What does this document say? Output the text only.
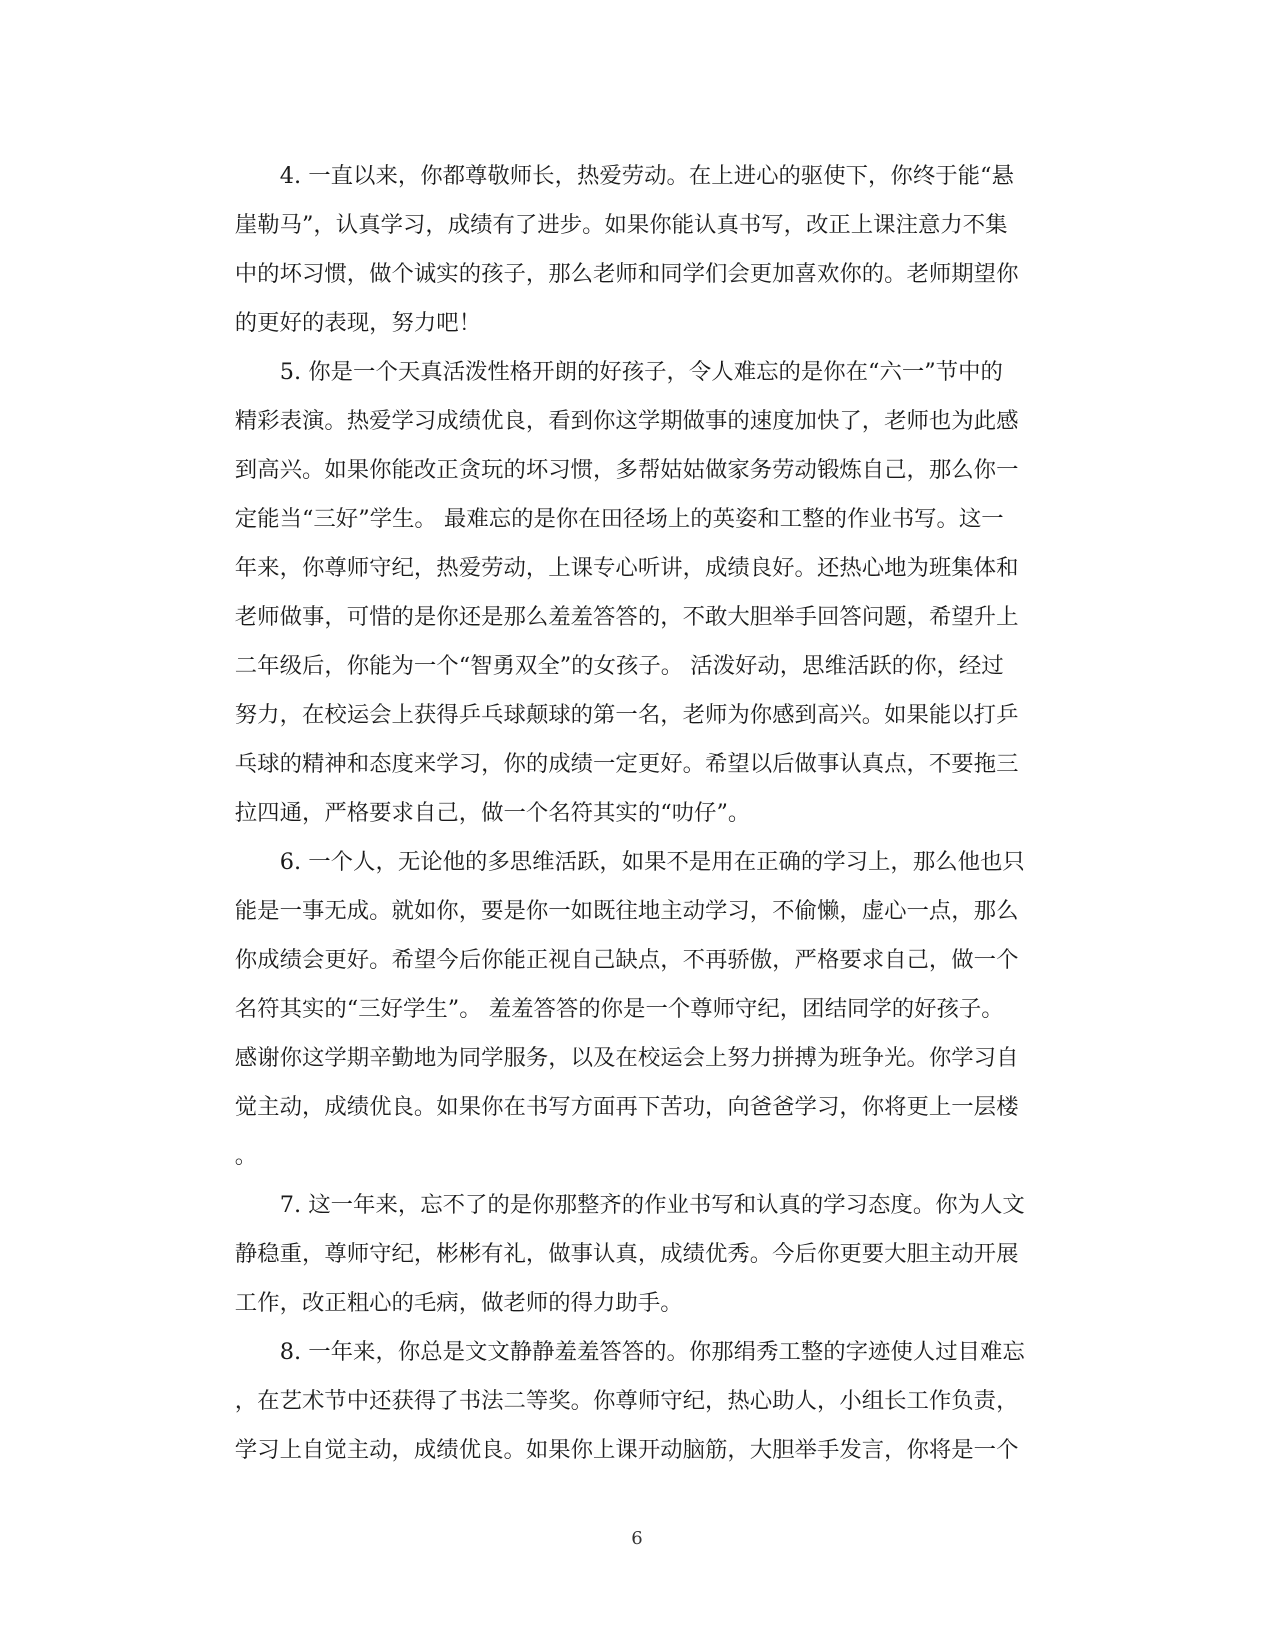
4. 一直以来，你都尊敬师长，热爱劳动。在上进心的驱使下，你终于能“悬
崖勒马”，认真学习，成绩有了进步。如果你能认真书写，改正上课注意力不集
中的坏习惯，做个诚实的孩子，那么老师和同学们会更加喜欢你的。老师期望你
的更好的表现，努力吧！
5. 你是一个天真活泼性格开朗的好孩子，令人难忘的是你在“六一”节中的
精彩表演。热爱学习成绩优良，看到你这学期做事的速度加快了，老师也为此感
到高兴。如果你能改正贪玩的坏习惯，多帮姑姑做家务劳动锻炼自己，那么你一
定能当“三好”学生。 最难忘的是你在田径场上的英姿和工整的作业书写。这一
年来，你尊师守纪，热爱劳动，上课专心听讲，成绩良好。还热心地为班集体和
老师做事，可惜的是你还是那么羞羞答答的，不敢大胆举手回答问题，希望升上
二年级后，你能为一个“智勇双全”的女孩子。 活泼好动，思维活跃的你，经过
努力，在校运会上获得乒乓球颠球的第一名，老师为你感到高兴。如果能以打乒
乓球的精神和态度来学习，你的成绩一定更好。希望以后做事认真点，不要拖三
拉四通，严格要求自己，做一个名符其实的“叻仔”。
6. 一个人，无论他的多思维活跃，如果不是用在正确的学习上，那么他也只
能是一事无成。就如你，要是你一如既往地主动学习，不偷懒，虚心一点，那么
你成绩会更好。希望今后你能正视自己缺点，不再骄傲，严格要求自己，做一个
名符其实的“三好学生”。 羞羞答答的你是一个尊师守纪，团结同学的好孩子。
感谢你这学期辛勤地为同学服务，以及在校运会上努力拼搏为班争光。你学习自
觉主动，成绩优良。如果你在书写方面再下苦功，向爸爸学习，你将更上一层楼
。
7. 这一年来，忘不了的是你那整齐的作业书写和认真的学习态度。你为人文
静稳重，尊师守纪，彬彬有礼，做事认真，成绩优秀。今后你更要大胆主动开展
工作，改正粗心的毛病，做老师的得力助手。
8. 一年来，你总是文文静静羞羞答答的。你那绢秀工整的字迹使人过目难忘
，在艺术节中还获得了书法二等奖。你尊师守纪，热心助人，小组长工作负责，
学习上自觉主动，成绩优良。如果你上课开动脑筋，大胆举手发言，你将是一个
6
